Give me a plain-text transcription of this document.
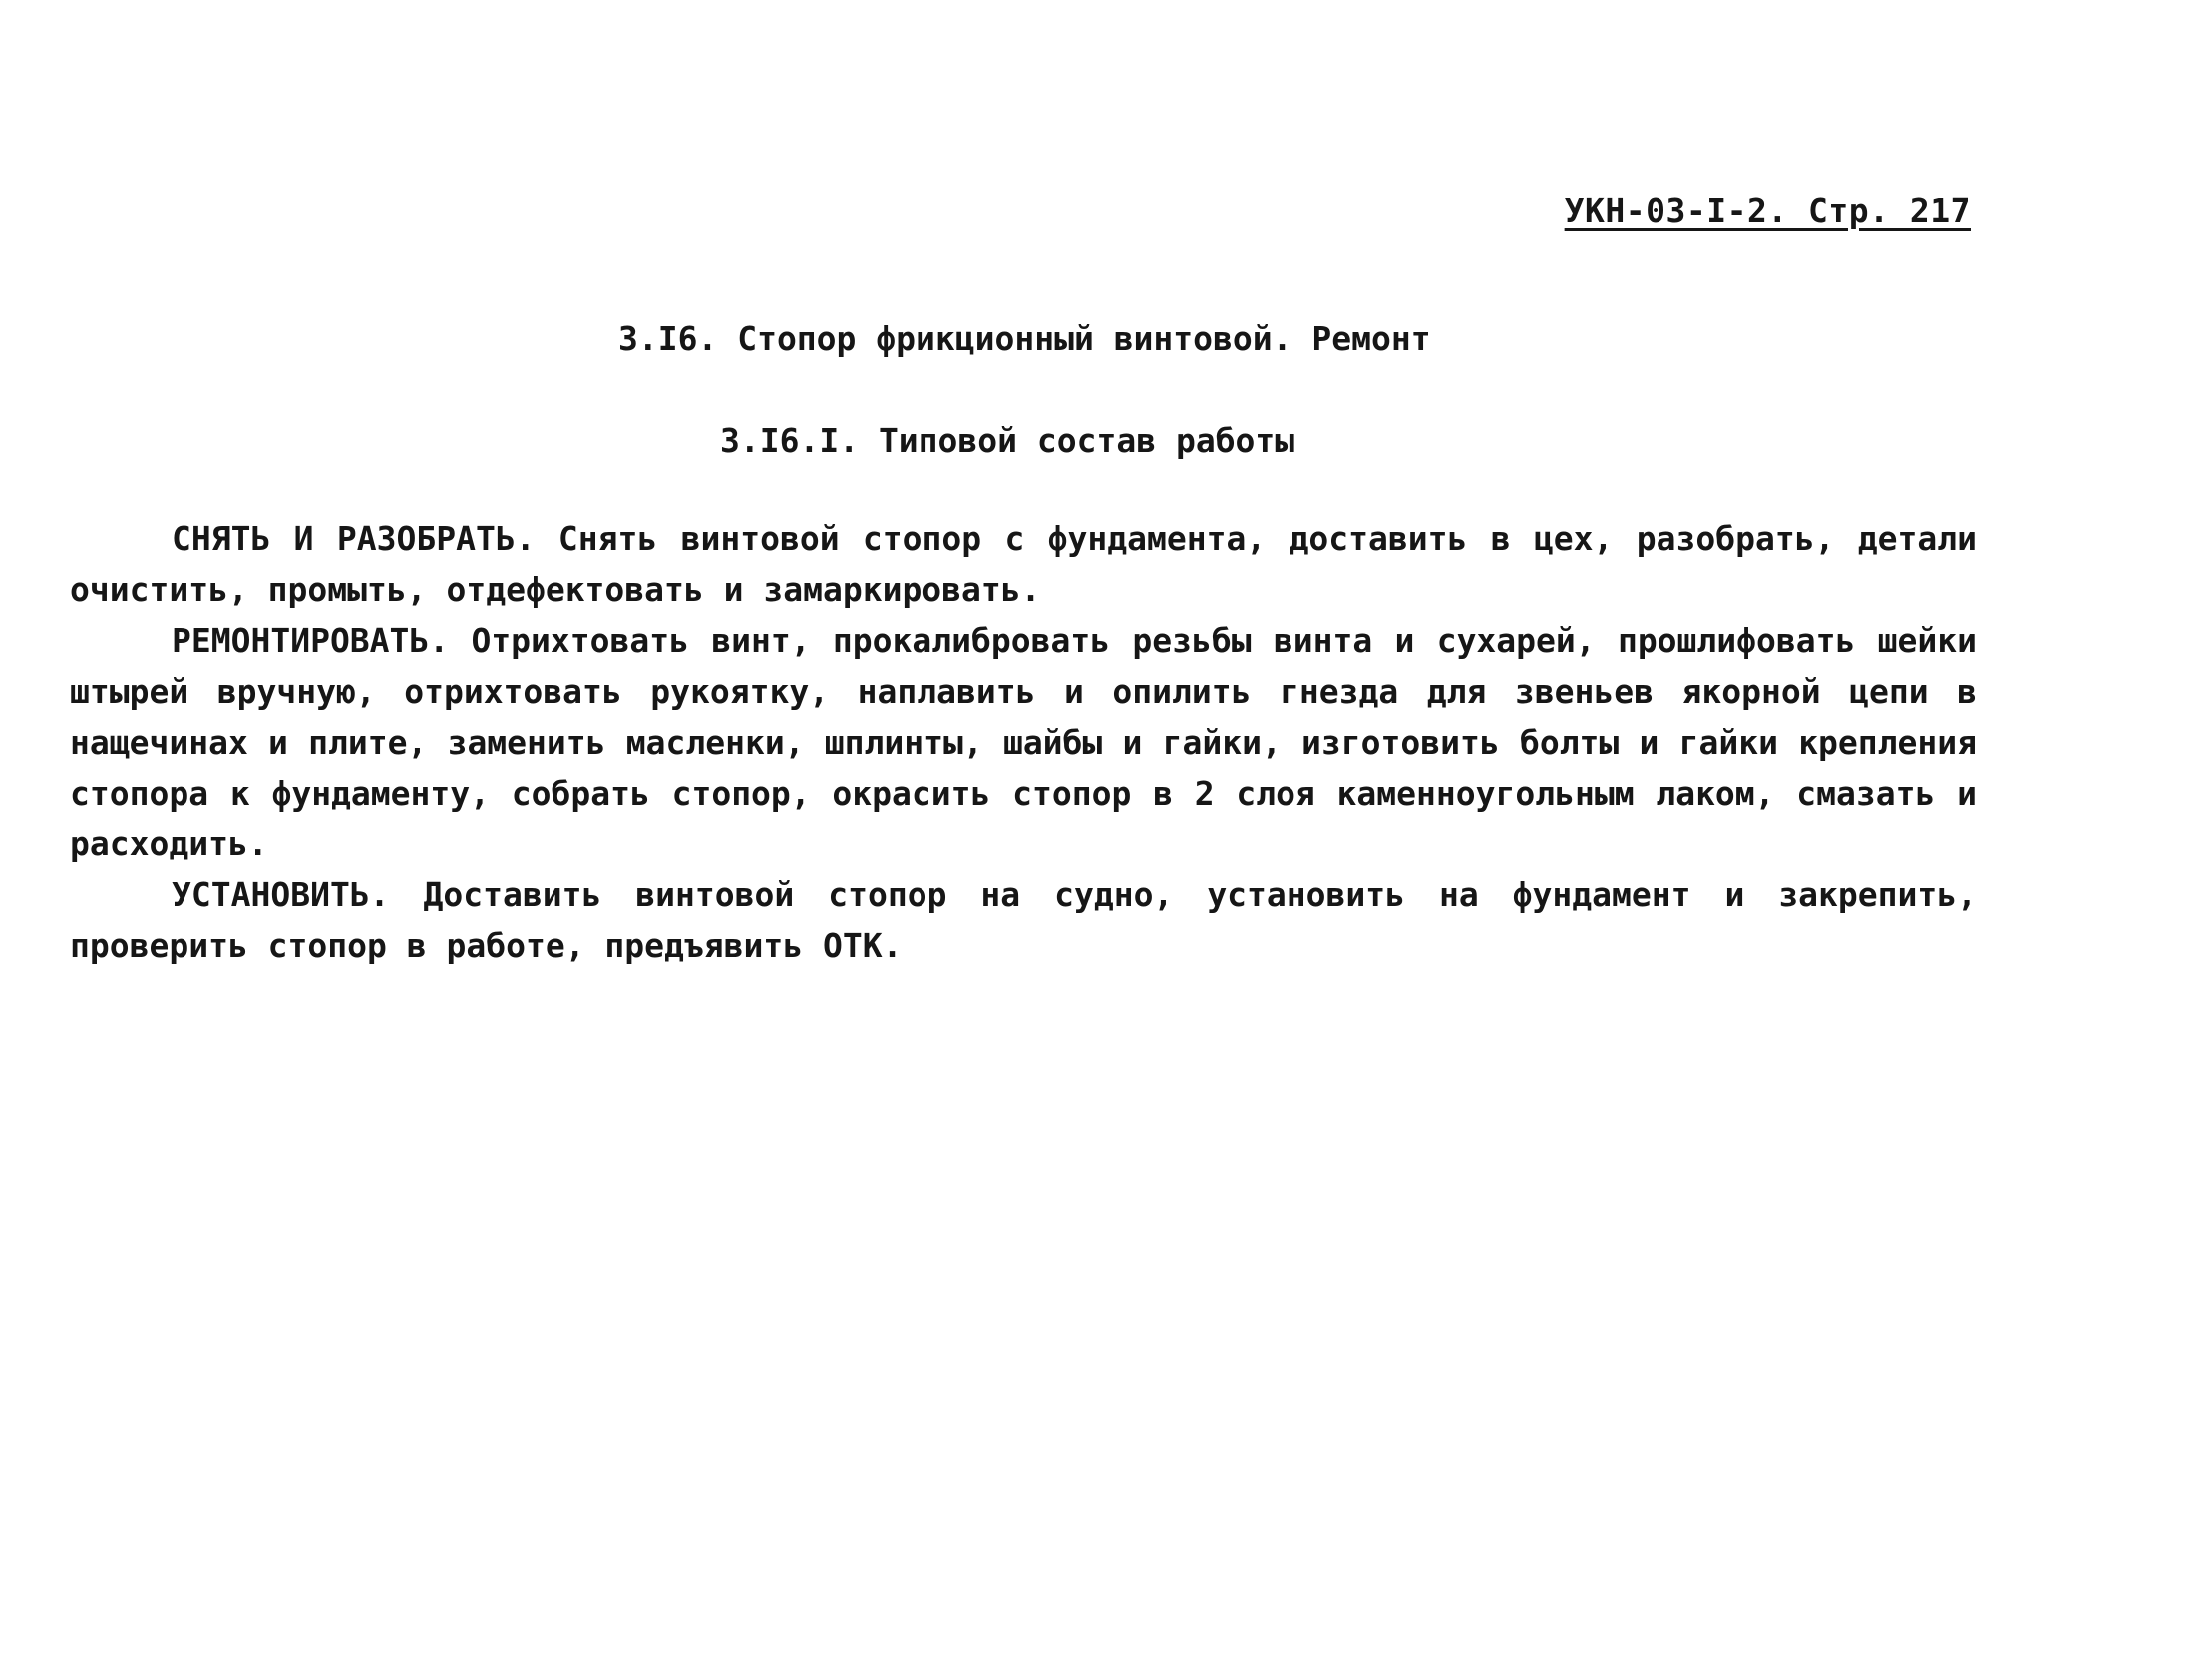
УКН-03-I-2. Стр. 217
3.I6. Стопор фрикционный винтовой. Ремонт
3.I6.I. Типовой состав работы

СНЯТЬ И РАЗОБРАТЬ. Снять винтовой стопор с фундамента, доставить в цех, разобрать, детали очистить, промыть, отдефектовать и замаркировать.

РЕМОНТИРОВАТЬ. Отрихтовать винт, прокалибровать резьбы винта и сухарей, прошлифовать шейки штырей вручную, отрихтовать рукоятку, наплавить и опилить гнезда для звеньев якорной цепи в нащечинах и плите, заменить масленки, шплинты, шайбы и гайки, изготовить болты и гайки крепления стопора к фундаменту, собрать стопор, окрасить стопор в 2 слоя каменноугольным лаком, смазать и расходить.

УСТАНОВИТЬ. Доставить винтовой стопор на судно, установить на фундамент и закрепить, проверить стопор в работе, предъявить ОТК.
